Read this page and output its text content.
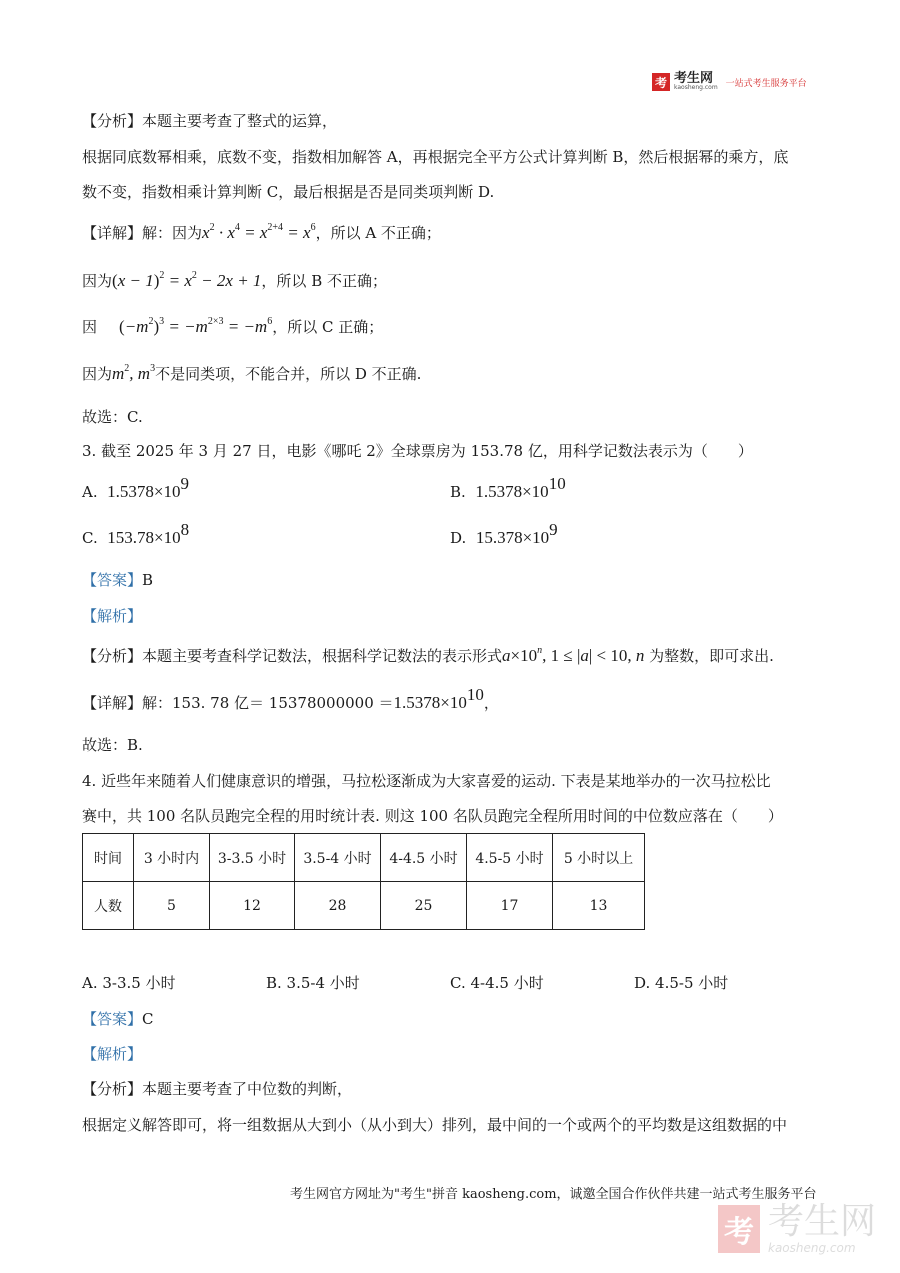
考 考生网
kaosheng.com 一站式考生服务平台
【分析】本题主要考查了整式的运算，
根据同底数幂相乘，底数不变，指数相加解答 A，再根据完全平方公式计算判断 B，然后根据幂的乘方，底
数不变，指数相乘计算判断 C，最后根据是否是同类项判断 D.
【详解】解：因为$x^2 \cdot x^4 = x^{2+4} = x^6$，所以 A 不正确；
因为$(x - 1)^2 = x^2 - 2x + 1$，所以 B 不正确；
因 $(-m^2)^3 = -m^{2\times 3} = -m^6$，所以 C 正确；
因为$m^2$, $m^3$不是同类项，不能合并，所以 D 不正确.
故选：C.
3. 截至 2025 年 3 月 27 日，电影《哪吒 2》全球票房为 153.78 亿，用科学记数法表示为（　　）
A. $1.5378\times 10^9$	B. $1.5378\times 10^{10}$
C. $153.78\times 10^8$	D. $15.378\times 10^9$
【答案】B
【解析】
【分析】本题主要考查科学记数法，根据科学记数法的表示形式$a\times 10^n$, 1 ≤ |a| < 10, n 为整数，即可求出.
【详解】解：153. 78 亿＝ $15378000000 =1.5378\times 10^{10}$，
故选：B.
4. 近些年来随着人们健康意识的增强，马拉松逐渐成为大家喜爱的运动. 下表是某地举办的一次马拉松比
赛中，共 100 名队员跑完全程的用时统计表. 则这 100 名队员跑完全程所用时间的中位数应落在（　　）
时间	3 小时内	3-3.5 小时	3.5-4 小时	4-4.5 小时	4.5-5 小时	5 小时以上
人数	5	12	28	25	17	13
A. 3-3.5 小时	B. 3.5-4 小时	C. 4-4.5 小时	D. 4.5-5 小时
【答案】C
【解析】
【分析】本题主要考查了中位数的判断，
根据定义解答即可，将一组数据从大到小（从小到大）排列，最中间的一个或两个的平均数是这组数据的中
考生网官方网址为"考生"拼音 kaosheng.com，诚邀全国合作伙伴共建一站式考生服务平台
考 考生网
kaosheng.com
